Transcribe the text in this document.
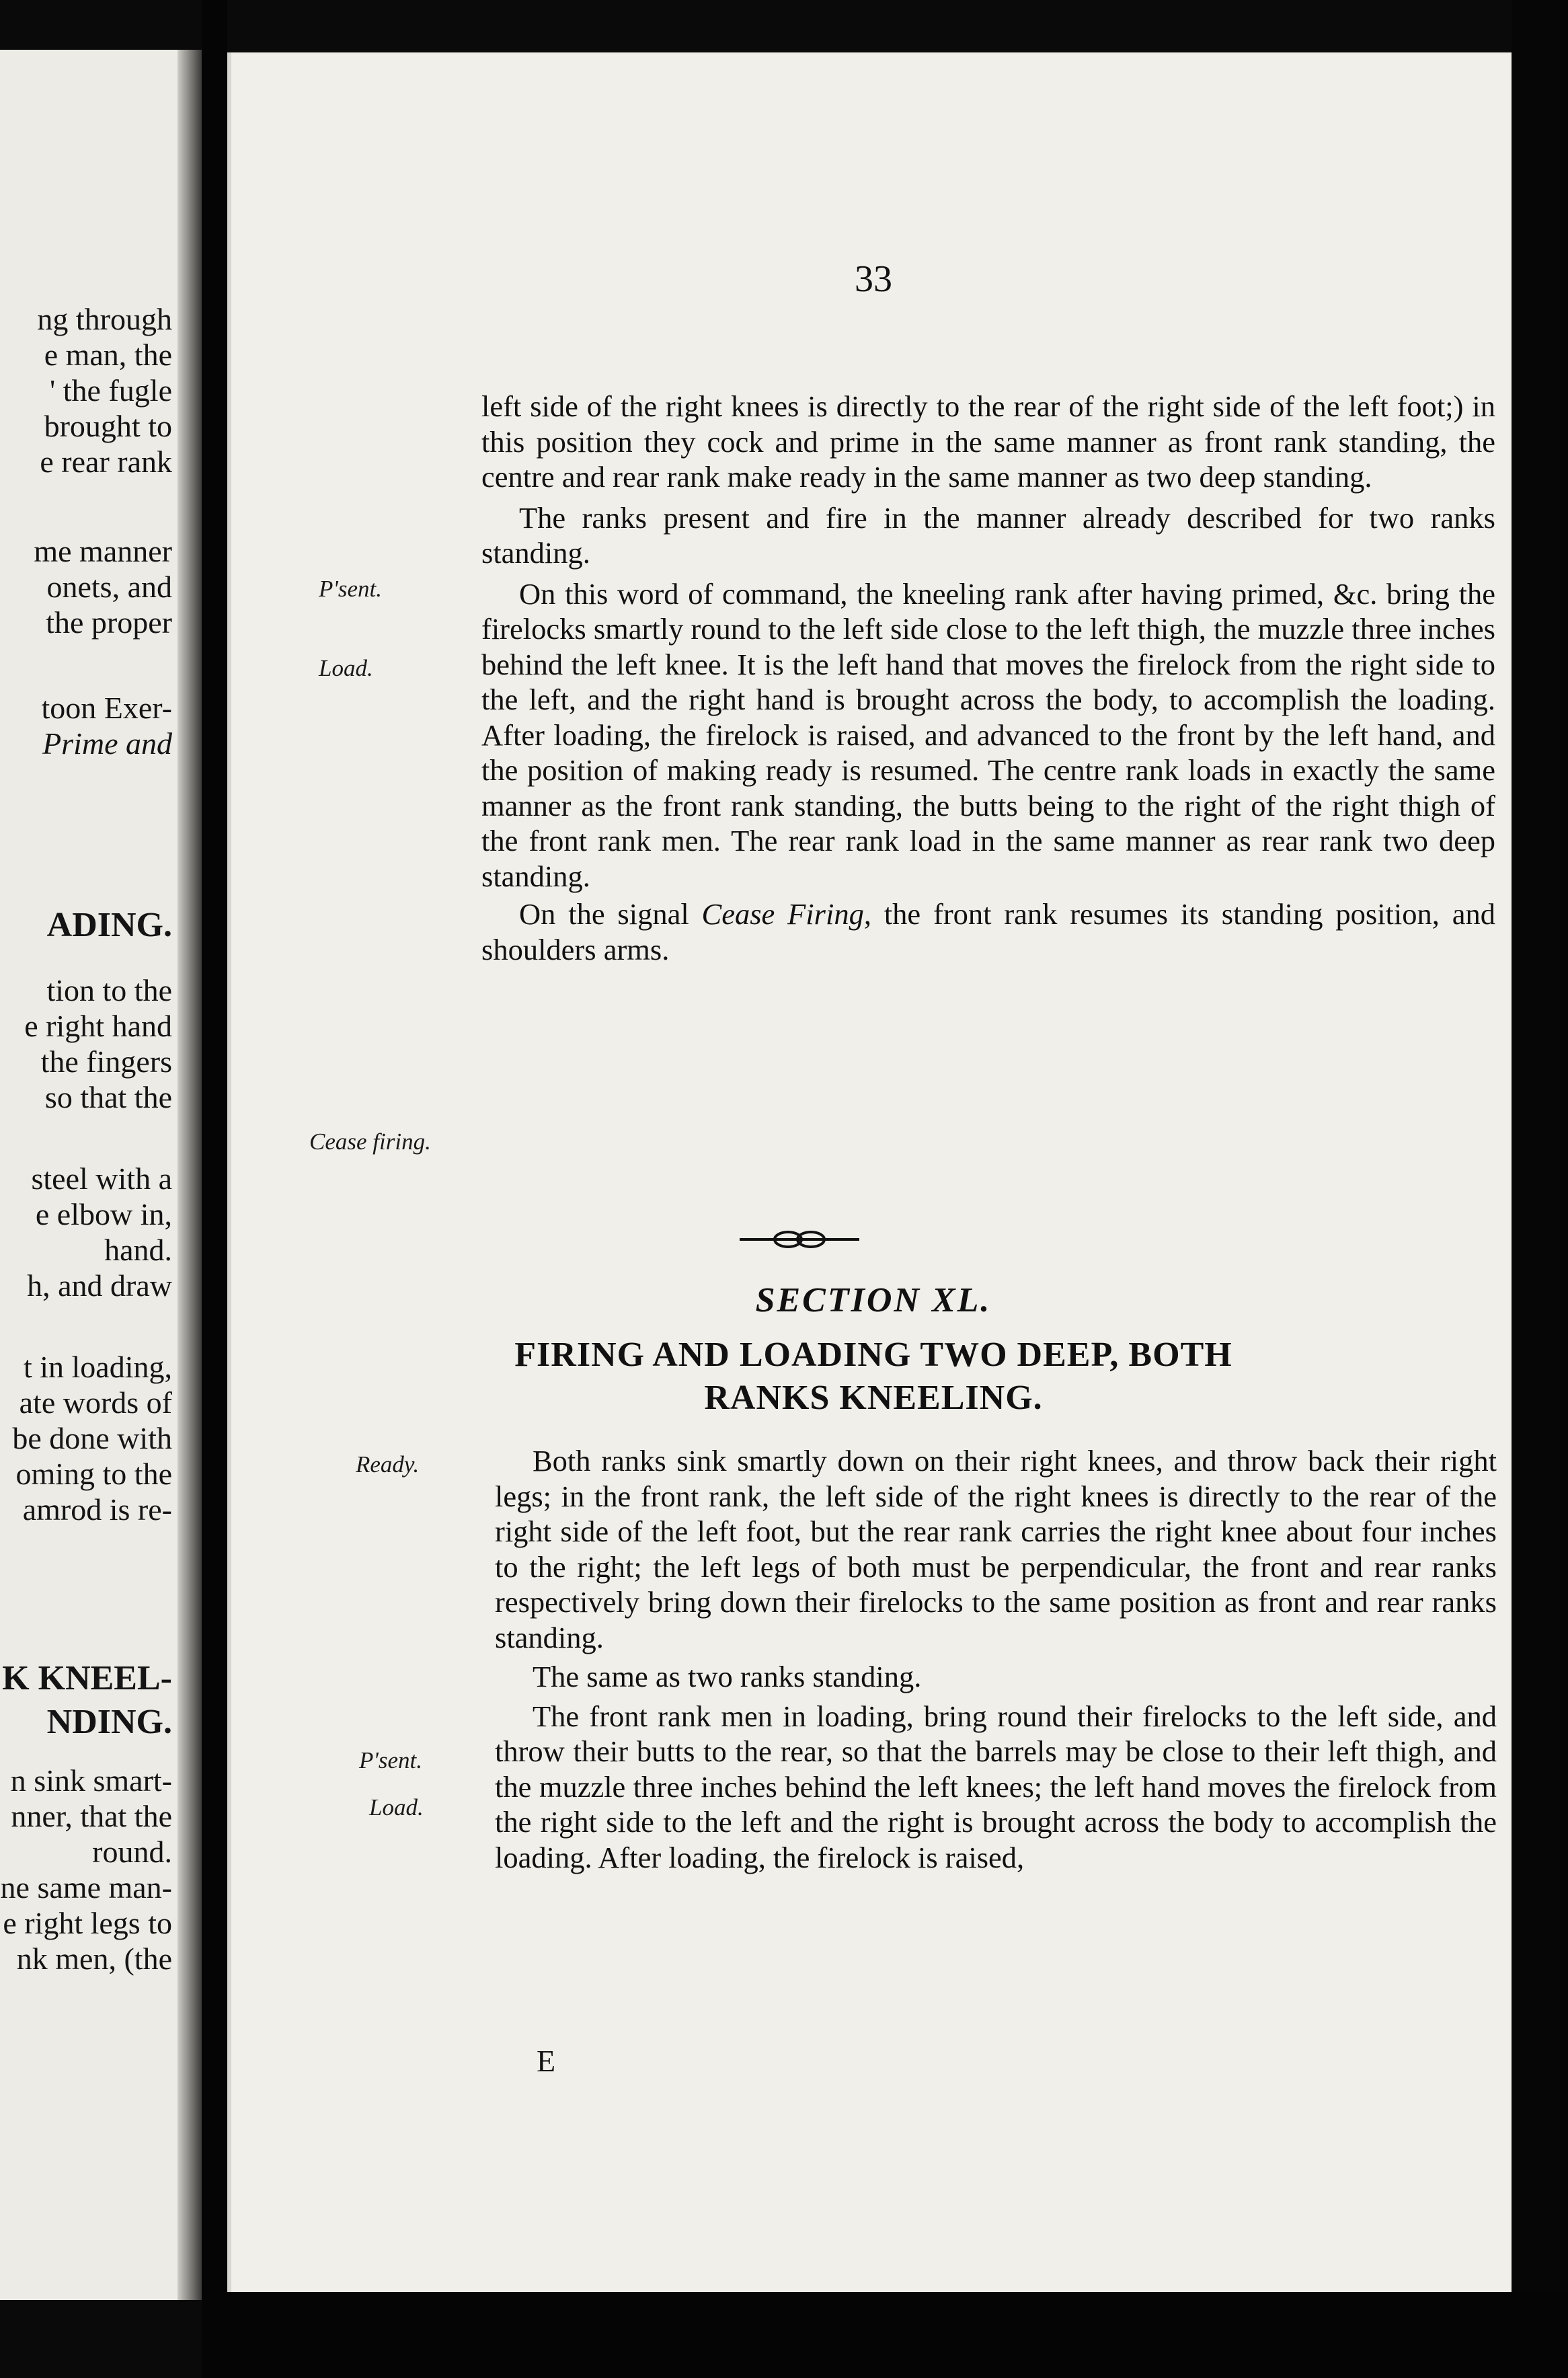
ng through
e man, the
' the fugle
brought to
e rear rank
me manner
onets, and
the proper
toon Exer-
Prime and
ADING.
tion to the
e right hand
the fingers
so that the
steel with a
e elbow in,
hand.
h, and draw
t in loading,
ate words of
be done with
oming to the
amrod is re-
K KNEEL-
NDING.
n sink smart-
nner, that the
round.
ne same man-
e right legs to
nk men, (the
33

left side of the right knees is directly to the rear of the right side of the left foot;) in this position they cock and prime in the same manner as front rank standing, the centre and rear rank make ready in the same manner as two deep standing.

The ranks present and fire in the manner already described for two ranks standing.

On this word of command, the kneeling rank after having primed, &c. bring the firelocks smartly round to the left side close to the left thigh, the muzzle three inches behind the left knee. It is the left hand that moves the firelock from the right side to the left, and the right hand is brought across the body, to accomplish the loading. After loading, the firelock is raised, and advanced to the front by the left hand, and the position of making ready is resumed. The centre rank loads in exactly the same manner as the front rank standing, the butts being to the right of the right thigh of the front rank men. The rear rank load in the same manner as rear rank two deep standing.

On the signal Cease Firing, the front rank resumes its standing position, and shoulders arms.

P'sent.
Load.
Cease firing.
SECTION XL.
FIRING AND LOADING TWO DEEP, BOTH
RANKS KNEELING.

Both ranks sink smartly down on their right knees, and throw back their right legs; in the front rank, the left side of the right knees is directly to the rear of the right side of the left foot, but the rear rank carries the right knee about four inches to the right; the left legs of both must be perpendicular, the front and rear ranks respectively bring down their firelocks to the same position as front and rear ranks standing.

The same as two ranks standing.

The front rank men in loading, bring round their firelocks to the left side, and throw their butts to the rear, so that the barrels may be close to their left thigh, and the muzzle three inches behind the left knees; the left hand moves the firelock from the right side to the left and the right is brought across the body to accomplish the loading. After loading, the firelock is raised,

Ready.
P'sent.
Load.
E
